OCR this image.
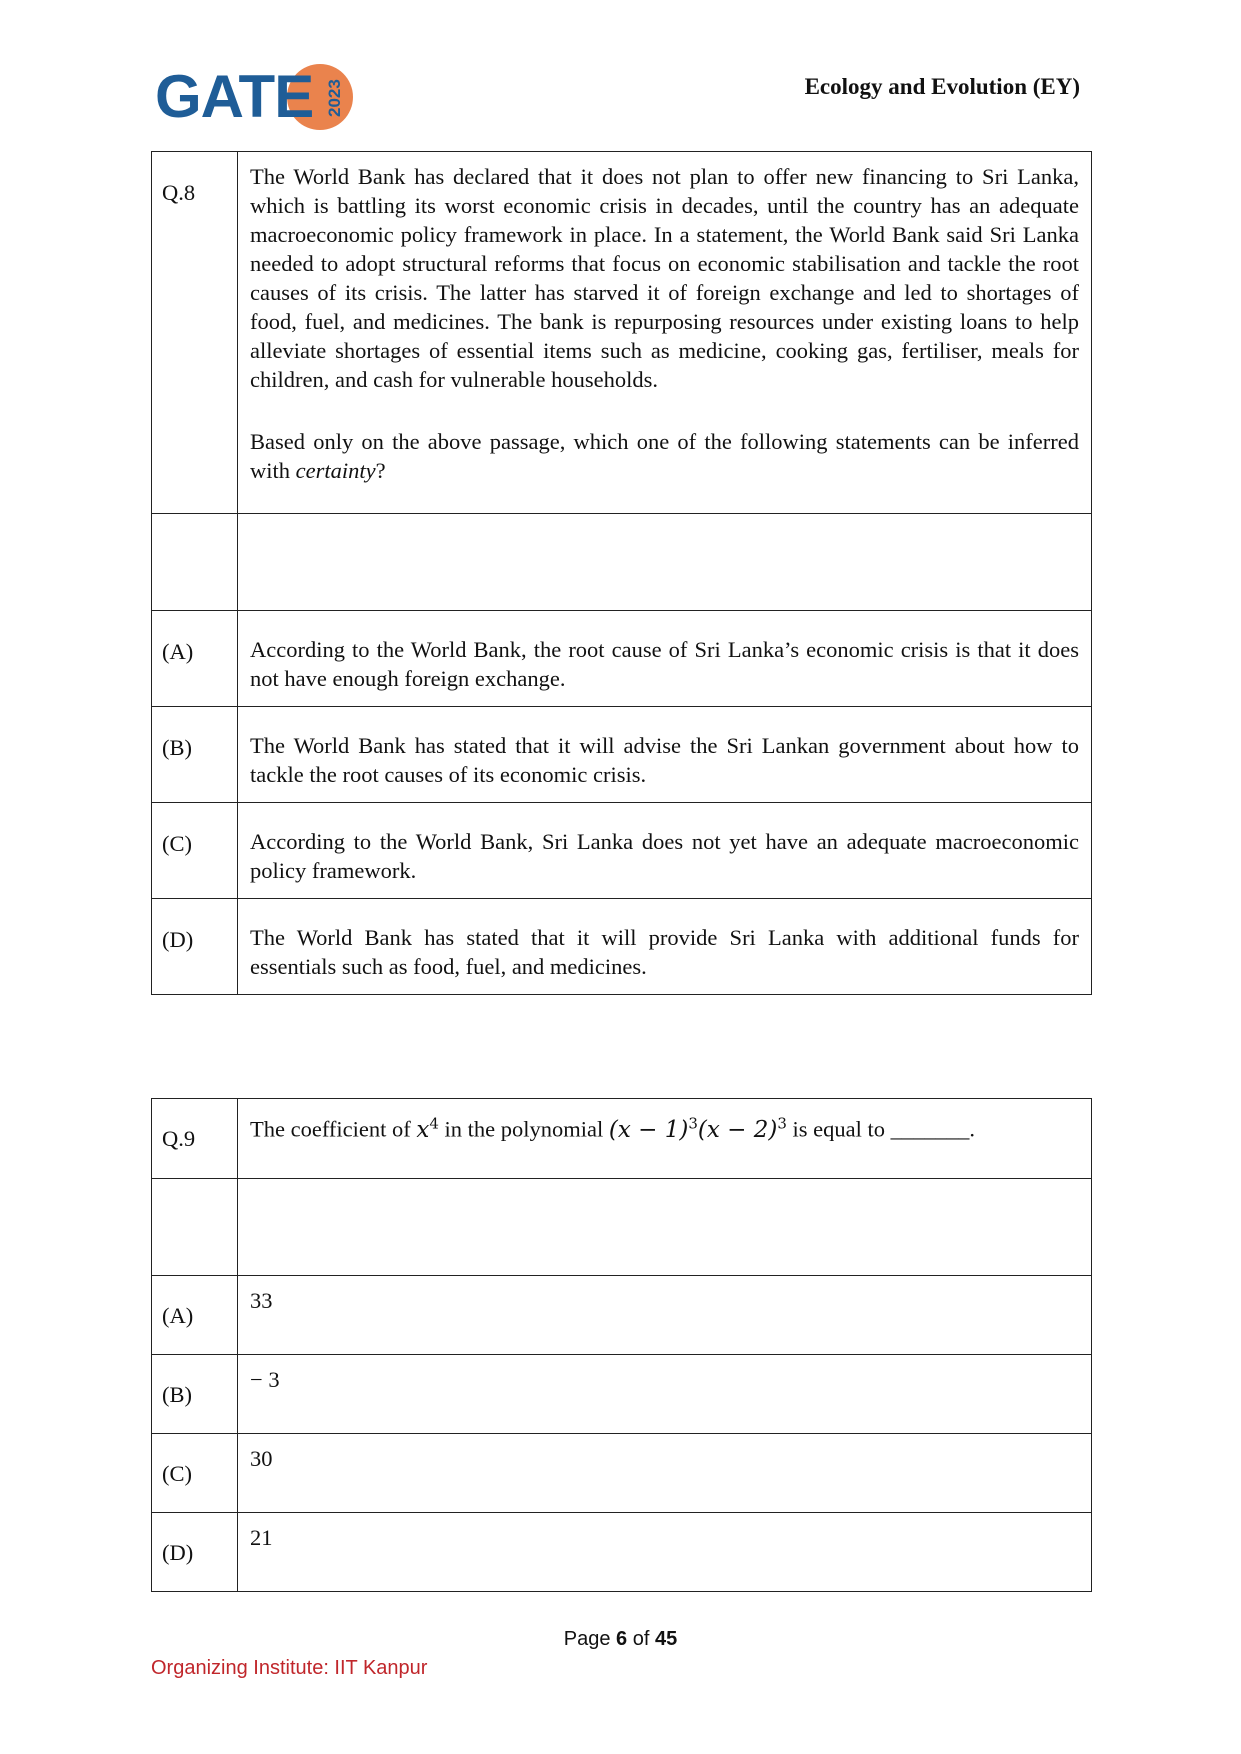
GATE 2023	Ecology and Evolution (EY)
Q.8	The World Bank has declared that it does not plan to offer new financing to Sri Lanka, which is battling its worst economic crisis in decades, until the country has an adequate macroeconomic policy framework in place. In a statement, the World Bank said Sri Lanka needed to adopt structural reforms that focus on economic stabilisation and tackle the root causes of its crisis. The latter has starved it of foreign exchange and led to shortages of food, fuel, and medicines. The bank is repurposing resources under existing loans to help alleviate shortages of essential items such as medicine, cooking gas, fertiliser, meals for children, and cash for vulnerable households.

Based only on the above passage, which one of the following statements can be inferred with certainty?

(A)	According to the World Bank, the root cause of Sri Lanka’s economic crisis is that it does not have enough foreign exchange.
(B)	The World Bank has stated that it will advise the Sri Lankan government about how to tackle the root causes of its economic crisis.
(C)	According to the World Bank, Sri Lanka does not yet have an adequate macroeconomic policy framework.
(D)	The World Bank has stated that it will provide Sri Lanka with additional funds for essentials such as food, fuel, and medicines.
Q.9	The coefficient of $x^4$ in the polynomial $(x - 1)^3(x - 2)^3$ is equal to _______.

(A)	33
(B)	− 3
(C)	30
(D)	21
Page 6 of 45
Organizing Institute: IIT Kanpur
